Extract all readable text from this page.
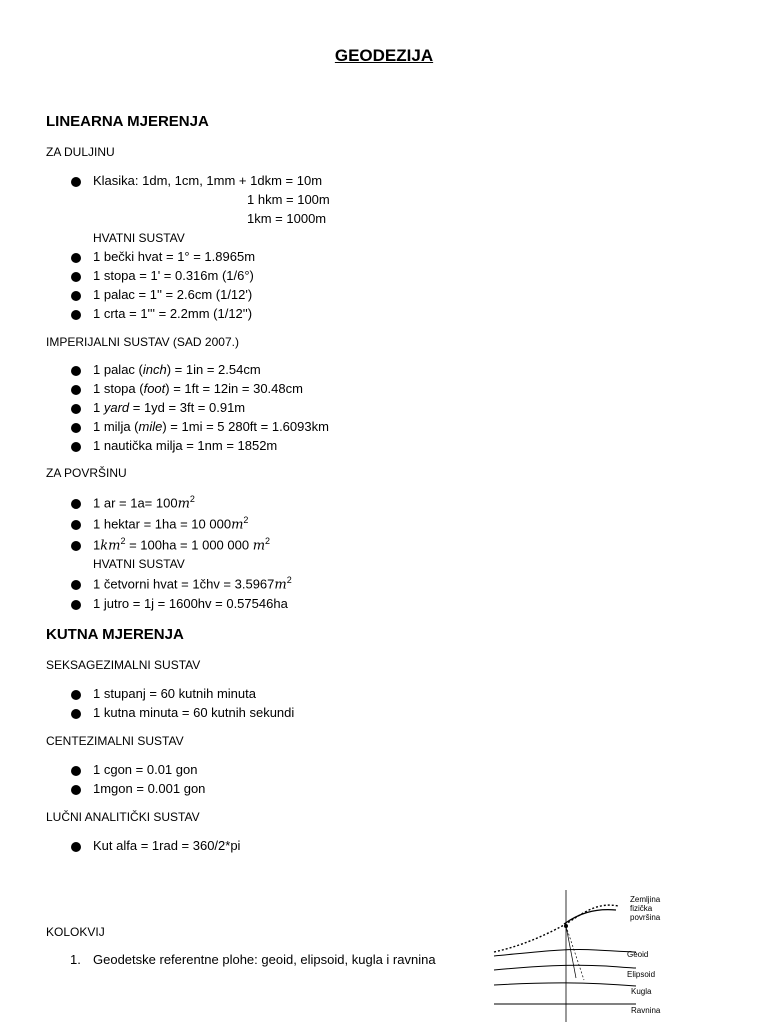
GEODEZIJA
LINEARNA MJERENJA
ZA DULJINU
Klasika: 1dm, 1cm, 1mm + 1dkm = 10m
1 hkm = 100m
1km = 1000m
HVATNI SUSTAV
1 bečki hvat = 1° = 1.8965m
1 stopa = 1' = 0.316m (1/6°)
1 palac = 1'' = 2.6cm (1/12')
1 crta = 1''' = 2.2mm (1/12'')
IMPERIJALNI SUSTAV (SAD 2007.)
1 palac (inch) = 1in = 2.54cm
1 stopa (foot) = 1ft = 12in = 30.48cm
1 yard = 1yd = 3ft = 0.91m
1 milja (mile) = 1mi = 5 280ft = 1.6093km
1 nautička milja = 1nm = 1852m
ZA POVRŠINU
1 ar = $1a= 100m^2$
1 hektar = 1ha = 10 $000m^2$
$1km^2 = 100ha = 1$ 000 000 $m^2$
HVATNI SUSTAV
1 četvorni hvat = 1čhv = $3.5967m^2$
1 jutro = 1j = 1600hv = 0.57546ha
KUTNA MJERENJA
SEKSAGEZIMALNI SUSTAV
1 stupanj = 60 kutnih minuta
1 kutna minuta = 60 kutnih sekundi
CENTEZIMALNI SUSTAV
1 cgon = 0.01 gon
1mgon = 0.001 gon
LUČNI ANALITIČKI SUSTAV
Kut alfa = 1rad = 360/2*pi
KOLOKVIJ
1. Geodetske referentne plohe: geoid, elipsoid, kugla i ravnina
Zemljina
fizička
površina
Geoid
Elipsoid
Kugla
Ravnina
